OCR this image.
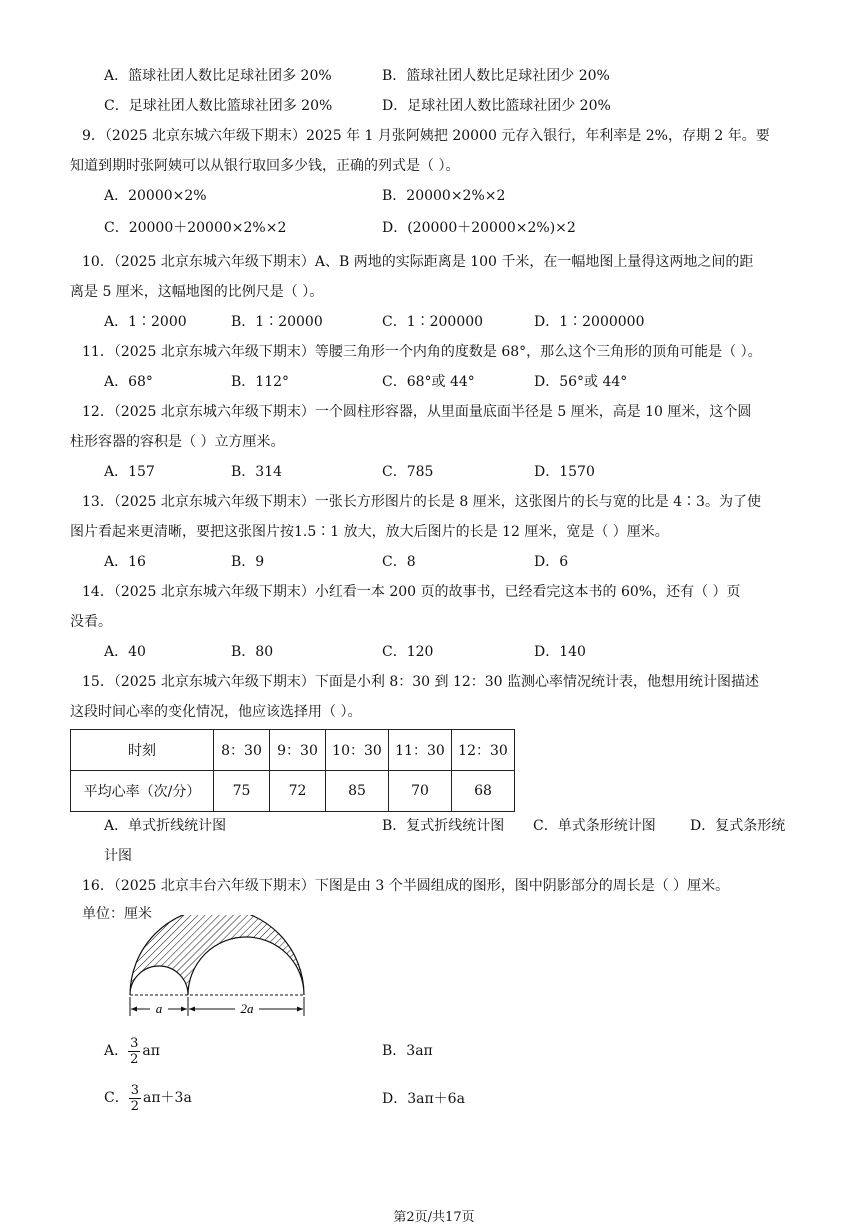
A．篮球社团人数比足球社团多 20%	B．篮球社团人数比足球社团少 20%
C．足球社团人数比篮球社团多 20%	D．足球社团人数比篮球社团少 20%
9．（2025 北京东城六年级下期末）2025 年 1 月张阿姨把 20000 元存入银行，年利率是 2%，存期 2 年。要
知道到期时张阿姨可以从银行取回多少钱，正确的列式是（ ）。
A．20000×2%	B．20000×2%×2
C．20000＋20000×2%×2	D．(20000＋20000×2%)×2
10．（2025 北京东城六年级下期末）A、B 两地的实际距离是 100 千米，在一幅地图上量得这两地之间的距
离是 5 厘米，这幅地图的比例尺是（ ）。
A．1∶2000	B．1∶20000	C．1∶200000	D．1∶2000000
11．（2025 北京东城六年级下期末）等腰三角形一个内角的度数是 68°，那么这个三角形的顶角可能是（ ）。
A．68°	B．112°	C．68°或 44°	D．56°或 44°
12．（2025 北京东城六年级下期末）一个圆柱形容器，从里面量底面半径是 5 厘米，高是 10 厘米，这个圆
柱形容器的容积是（ ）立方厘米。
A．157	B．314	C．785	D．1570
13．（2025 北京东城六年级下期末）一张长方形图片的长是 8 厘米，这张图片的长与宽的比是 4∶3。为了使
图片看起来更清晰，要把这张图片按1.5∶1 放大，放大后图片的长是 12 厘米，宽是（ ）厘米。
A．16	B．9	C．8	D．6
14．（2025 北京东城六年级下期末）小红看一本 200 页的故事书，已经看完这本书的 60%，还有（ ）页
没看。
A．40	B．80	C．120	D．140
15．（2025 北京东城六年级下期末）下面是小利 8：30 到 12：30 监测心率情况统计表，他想用统计图描述
这段时间心率的变化情况，他应该选择用（ ）。
时刻	8：30	9：30	10：30	11：30	12：30
平均心率（次/分）	75	72	85	70	68
A．单式折线统计图	B．复式折线统计图 C．单式条形统计图 D．复式条形统
计图
16．（2025 北京丰台六年级下期末）下图是由 3 个半圆组成的图形，图中阴影部分的周长是（ ）厘米。
单位：厘米
a	2a
A． $\frac{3}{2}$ aπ	B．3aπ
C． $\frac{3}{2} a\pi+3a$	D．3aπ＋6a
第2页/共17页
